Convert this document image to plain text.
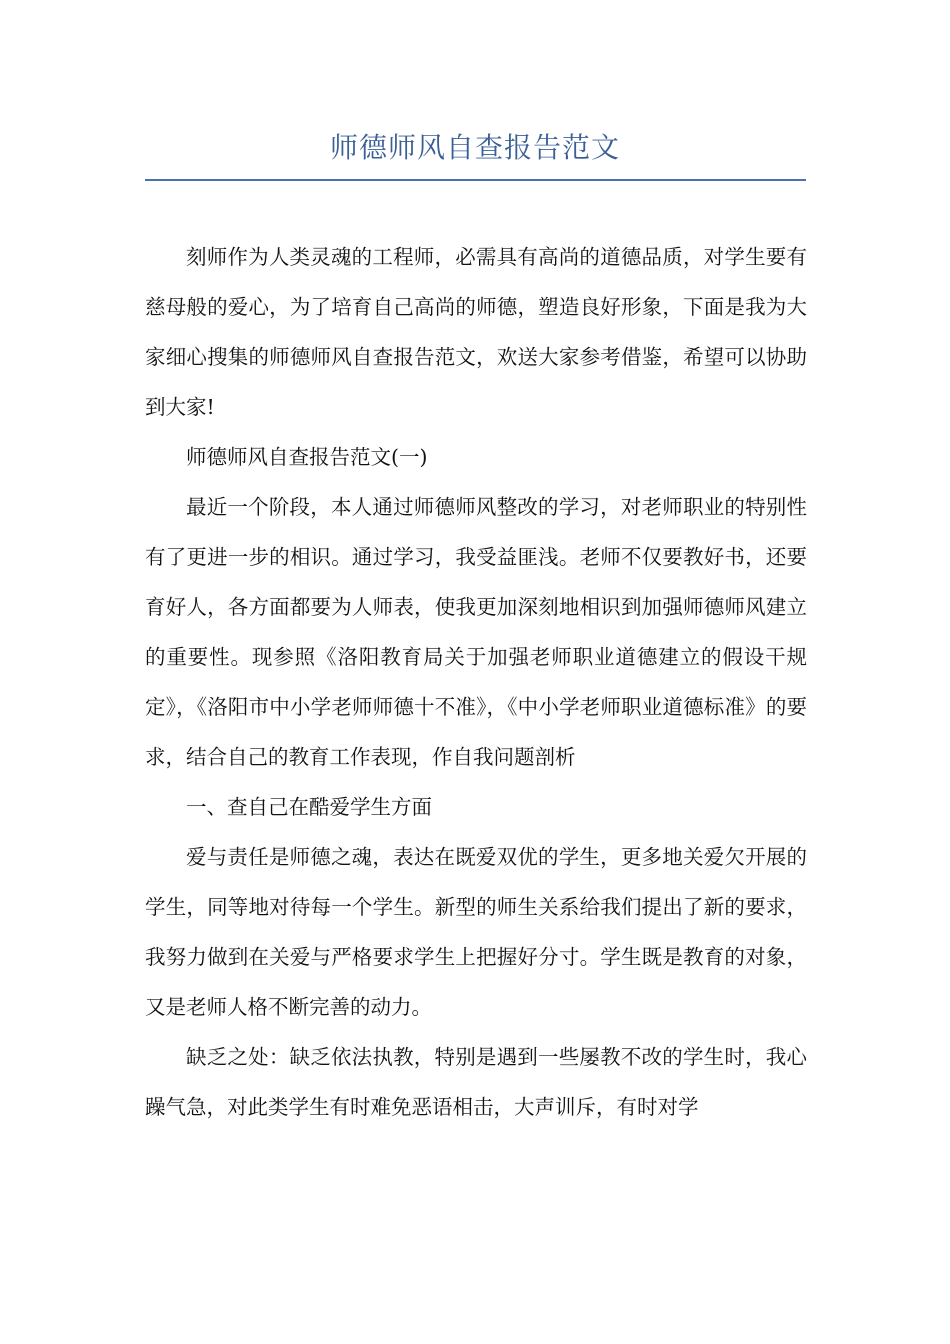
师德师风自查报告范文

刻师作为人类灵魂的工程师，必需具有高尚的道德品质，对学生要有慈母般的爱心，为了培育自己高尚的师德，塑造良好形象，下面是我为大家细心搜集的师德师风自查报告范文，欢送大家参考借鉴，希望可以协助到大家!

师德师风自查报告范文(一)

最近一个阶段，本人通过师德师风整改的学习，对老师职业的特别性有了更进一步的相识。通过学习，我受益匪浅。老师不仅要教好书，还要育好人，各方面都要为人师表，使我更加深刻地相识到加强师德师风建立的重要性。现参照《洛阳教育局关于加强老师职业道德建立的假设干规定》，《洛阳市中小学老师师德十不准》，《中小学老师职业道德标准》的要求，结合自己的教育工作表现，作自我问题剖析

一、查自己在酷爱学生方面

爱与责任是师德之魂，表达在既爱双优的学生，更多地关爱欠开展的学生，同等地对待每一个学生。新型的师生关系给我们提出了新的要求，我努力做到在关爱与严格要求学生上把握好分寸。学生既是教育的对象，又是老师人格不断完善的动力。

缺乏之处：缺乏依法执教，特别是遇到一些屡教不改的学生时，我心躁气急，对此类学生有时难免恶语相击，大声训斥，有时对学
